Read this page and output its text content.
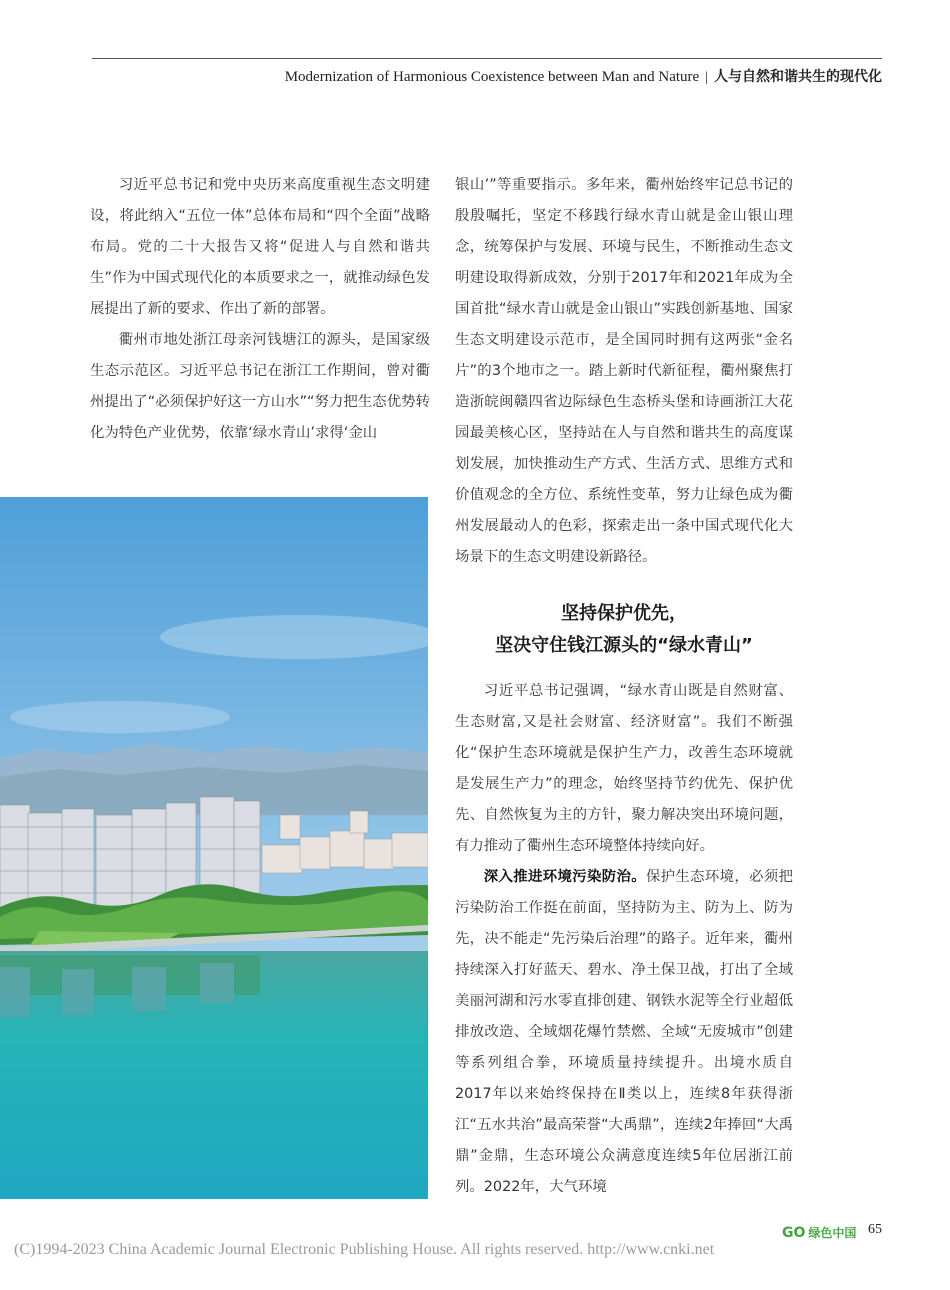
Modernization of Harmonious Coexistence between Man and Nature | 人与自然和谐共生的现代化

习近平总书记和党中央历来高度重视生态文明建设，将此纳入“五位一体”总体布局和“四个全面”战略布局。党的二十大报告又将“促进人与自然和谐共生”作为中国式现代化的本质要求之一，就推动绿色发展提出了新的要求、作出了新的部署。

衢州市地处浙江母亲河钱塘江的源头，是国家级生态示范区。习近平总书记在浙江工作期间，曾对衢州提出了“必须保护好这一方山水”“努力把生态优势转化为特色产业优势，依靠‘绿水青山’求得‘金山

银山’”等重要指示。多年来，衢州始终牢记总书记的殷殷嘱托，坚定不移践行绿水青山就是金山银山理念，统筹保护与发展、环境与民生，不断推动生态文明建设取得新成效，分别于2017年和2021年成为全国首批“绿水青山就是金山银山”实践创新基地、国家生态文明建设示范市，是全国同时拥有这两张“金名片”的3个地市之一。踏上新时代新征程，衢州聚焦打造浙皖闽赣四省边际绿色生态桥头堡和诗画浙江大花园最美核心区，坚持站在人与自然和谐共生的高度谋划发展，加快推动生产方式、生活方式、思维方式和价值观念的全方位、系统性变革，努力让绿色成为衢州发展最动人的色彩，探索走出一条中国式现代化大场景下的生态文明建设新路径。

坚持保护优先，
坚决守住钱江源头的“绿水青山”

习近平总书记强调，“绿水青山既是自然财富、生态财富,又是社会财富、经济财富”。我们不断强化“保护生态环境就是保护生产力，改善生态环境就是发展生产力”的理念，始终坚持节约优先、保护优先、自然恢复为主的方针，聚力解决突出环境问题，有力推动了衢州生态环境整体持续向好。

深入推进环境污染防治。保护生态环境，必须把污染防治工作挺在前面，坚持防为主、防为上、防为先，决不能走“先污染后治理”的路子。近年来，衢州持续深入打好蓝天、碧水、净土保卫战，打出了全域美丽河湖和污水零直排创建、钢铁水泥等全行业超低排放改造、全域烟花爆竹禁燃、全域“无废城市”创建等系列组合拳，环境质量持续提升。出境水质自2017年以来始终保持在Ⅱ类以上，连续8年获得浙江“五水共治”最高荣誉“大禹鼎”，连续2年捧回“大禹鼎”金鼎，生态环境公众满意度连续5年位居浙江前列。2022年，大气环境

GO 绿色中国 65
(C)1994-2023 China Academic Journal Electronic Publishing House. All rights reserved. http://www.cnki.net
